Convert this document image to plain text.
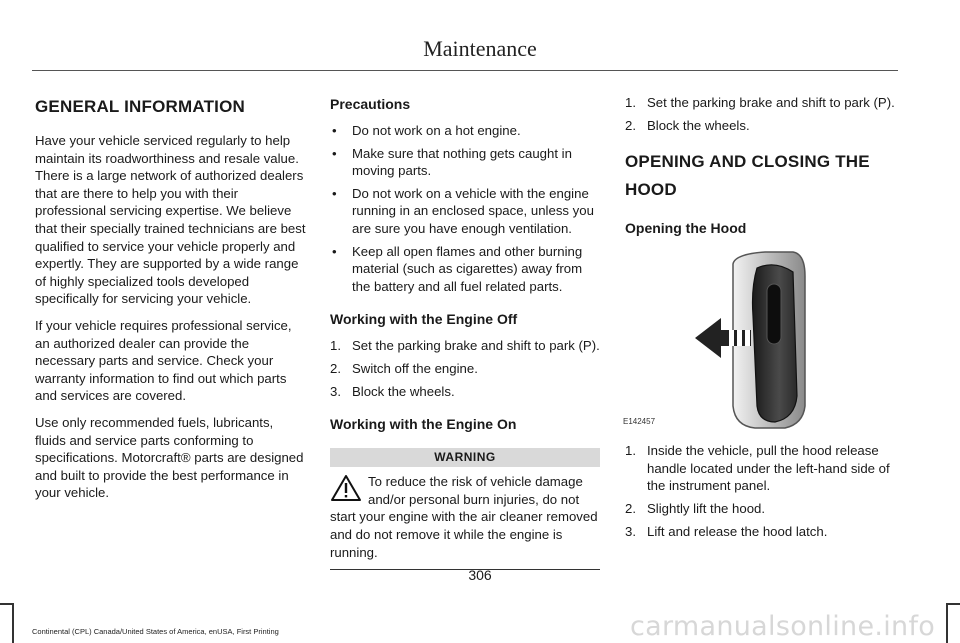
Maintenance
GENERAL INFORMATION

Have your vehicle serviced regularly to help maintain its roadworthiness and resale value. There is a large network of authorized dealers that are there to help you with their professional servicing expertise. We believe that their specially trained technicians are best qualified to service your vehicle properly and expertly. They are supported by a wide range of highly specialized tools developed specifically for servicing your vehicle.

If your vehicle requires professional service, an authorized dealer can provide the necessary parts and service. Check your warranty information to find out which parts and services are covered.

Use only recommended fuels, lubricants, fluids and service parts conforming to specifications. Motorcraft® parts are designed and built to provide the best performance in your vehicle.

Precautions
• Do not work on a hot engine.
• Make sure that nothing gets caught in moving parts.
• Do not work on a vehicle with the engine running in an enclosed space, unless you are sure you have enough ventilation.
• Keep all open flames and other burning material (such as cigarettes) away from the battery and all fuel related parts.
Working with the Engine Off
1. Set the parking brake and shift to park (P).
2. Switch off the engine.
3. Block the wheels.
Working with the Engine On
WARNING
To reduce the risk of vehicle damage and/or personal burn injuries, do not start your engine with the air cleaner removed and do not remove it while the engine is running.
1. Set the parking brake and shift to park (P).
2. Block the wheels.
OPENING AND CLOSING THE HOOD
Opening the Hood
E142457
1. Inside the vehicle, pull the hood release handle located under the left-hand side of the instrument panel.
2. Slightly lift the hood.
3. Lift and release the hood latch.
306
Continental (CPL) Canada/United States of America, enUSA, First Printing	carmanualsonline.info
